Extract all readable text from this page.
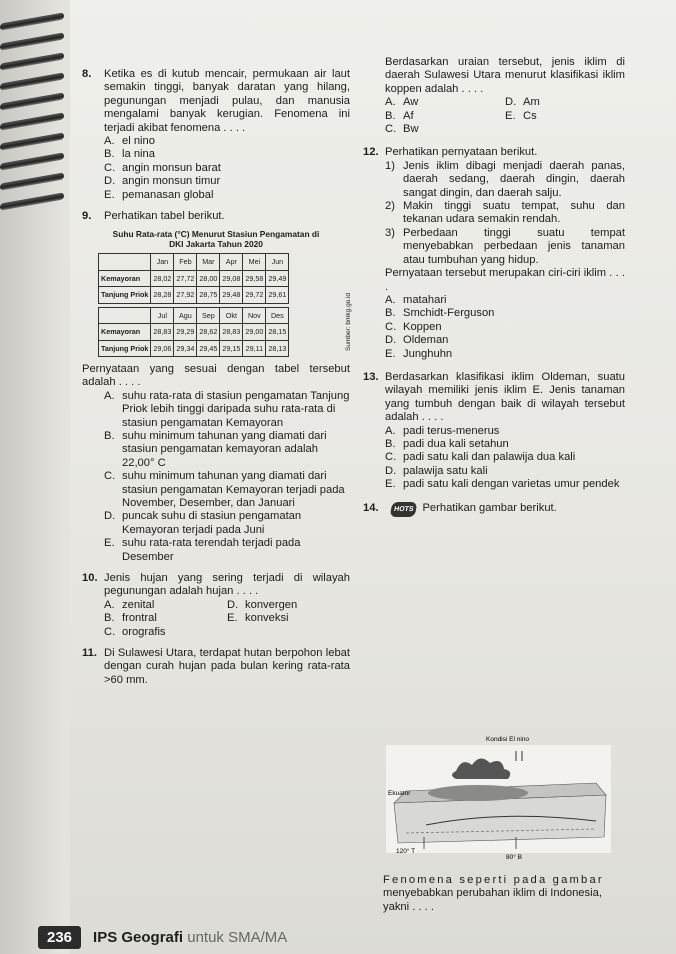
8. Ketika es di kutub mencair, permukaan air laut semakin tinggi, banyak daratan yang hilang, pegunungan menjadi pulau, dan manusia mengalami banyak kerugian. Fenomena ini terjadi akibat fenomena . . . .
A. el nino
B. la nina
C. angin monsun barat
D. angin monsun timur
E. pemanasan global
9. Perhatikan tabel berikut.
Suhu Rata-rata (°C) Menurut Stasiun Pengamatan di
DKI Jakarta Tahun 2020
	Jan	Feb	Mar	Apr	Mei	Jun
Kemayoran	28,02	27,72	28,00	29,08	29,58	29,49
Tanjung Priok	28,28	27,92	28,75	29,48	29,72	29,61
	Jul	Agu	Sep	Okt	Nov	Des
Kemayoran	28,83	29,29	28,62	28,83	29,00	28,15
Tanjung Priok	29,06	29,34	29,45	29,15	29,11	28,13	Sumber: bmkg.go.id
Pernyataan yang sesuai dengan tabel tersebut adalah . . . .
A. suhu rata-rata di stasiun pengamatan Tanjung Priok lebih tinggi daripada suhu rata-rata di stasiun pengamatan Kemayoran
B. suhu minimum tahunan yang diamati dari stasiun pengamatan kemayoran adalah 22,00° C
C. suhu minimum tahunan yang diamati dari stasiun pengamatan Kemayoran terjadi pada November, Desember, dan Januari
D. puncak suhu di stasiun pengamatan Kemayoran terjadi pada Juni
E. suhu rata-rata terendah terjadi pada Desember
10. Jenis hujan yang sering terjadi di wilayah pegunungan adalah hujan . . . .
A. zenital	D. konvergen
B. frontral	E. konveksi
C. orografis
11. Di Sulawesi Utara, terdapat hutan berpohon lebat dengan curah hujan pada bulan kering rata-rata >60 mm.
Berdasarkan uraian tersebut, jenis iklim di daerah Sulawesi Utara menurut klasifikasi iklim koppen adalah . . . .
A. Aw	D. Am
B. Af	E. Cs
C. Bw
12. Perhatikan pernyataan berikut.
1) Jenis iklim dibagi menjadi daerah panas, daerah sedang, daerah dingin, daerah sangat dingin, dan daerah salju.
2) Makin tinggi suatu tempat, suhu dan tekanan udara semakin rendah.
3) Perbedaan tinggi suatu tempat menyebabkan perbedaan jenis tanaman atau tumbuhan yang hidup.
Pernyataan tersebut merupakan ciri-ciri iklim . . . .
A. matahari
B. Smchidt-Ferguson
C. Koppen
D. Oldeman
E. Junghuhn
13. Berdasarkan klasifikasi iklim Oldeman, suatu wilayah memiliki jenis iklim E. Jenis tanaman yang tumbuh dengan baik di wilayah tersebut adalah . . . .
A. padi terus-menerus
B. padi dua kali setahun
C. padi satu kali dan palawija dua kali
D. palawija satu kali
E. padi satu kali dengan varietas umur pendek
14.	HOTS Perhatikan gambar berikut.
Kondisi El nino
Ekuator
120° T
80° B
Fenomena seperti pada gambar
menyebabkan perubahan iklim di Indonesia,
yakni . . . .
236	IPS Geografi untuk SMA/MA
